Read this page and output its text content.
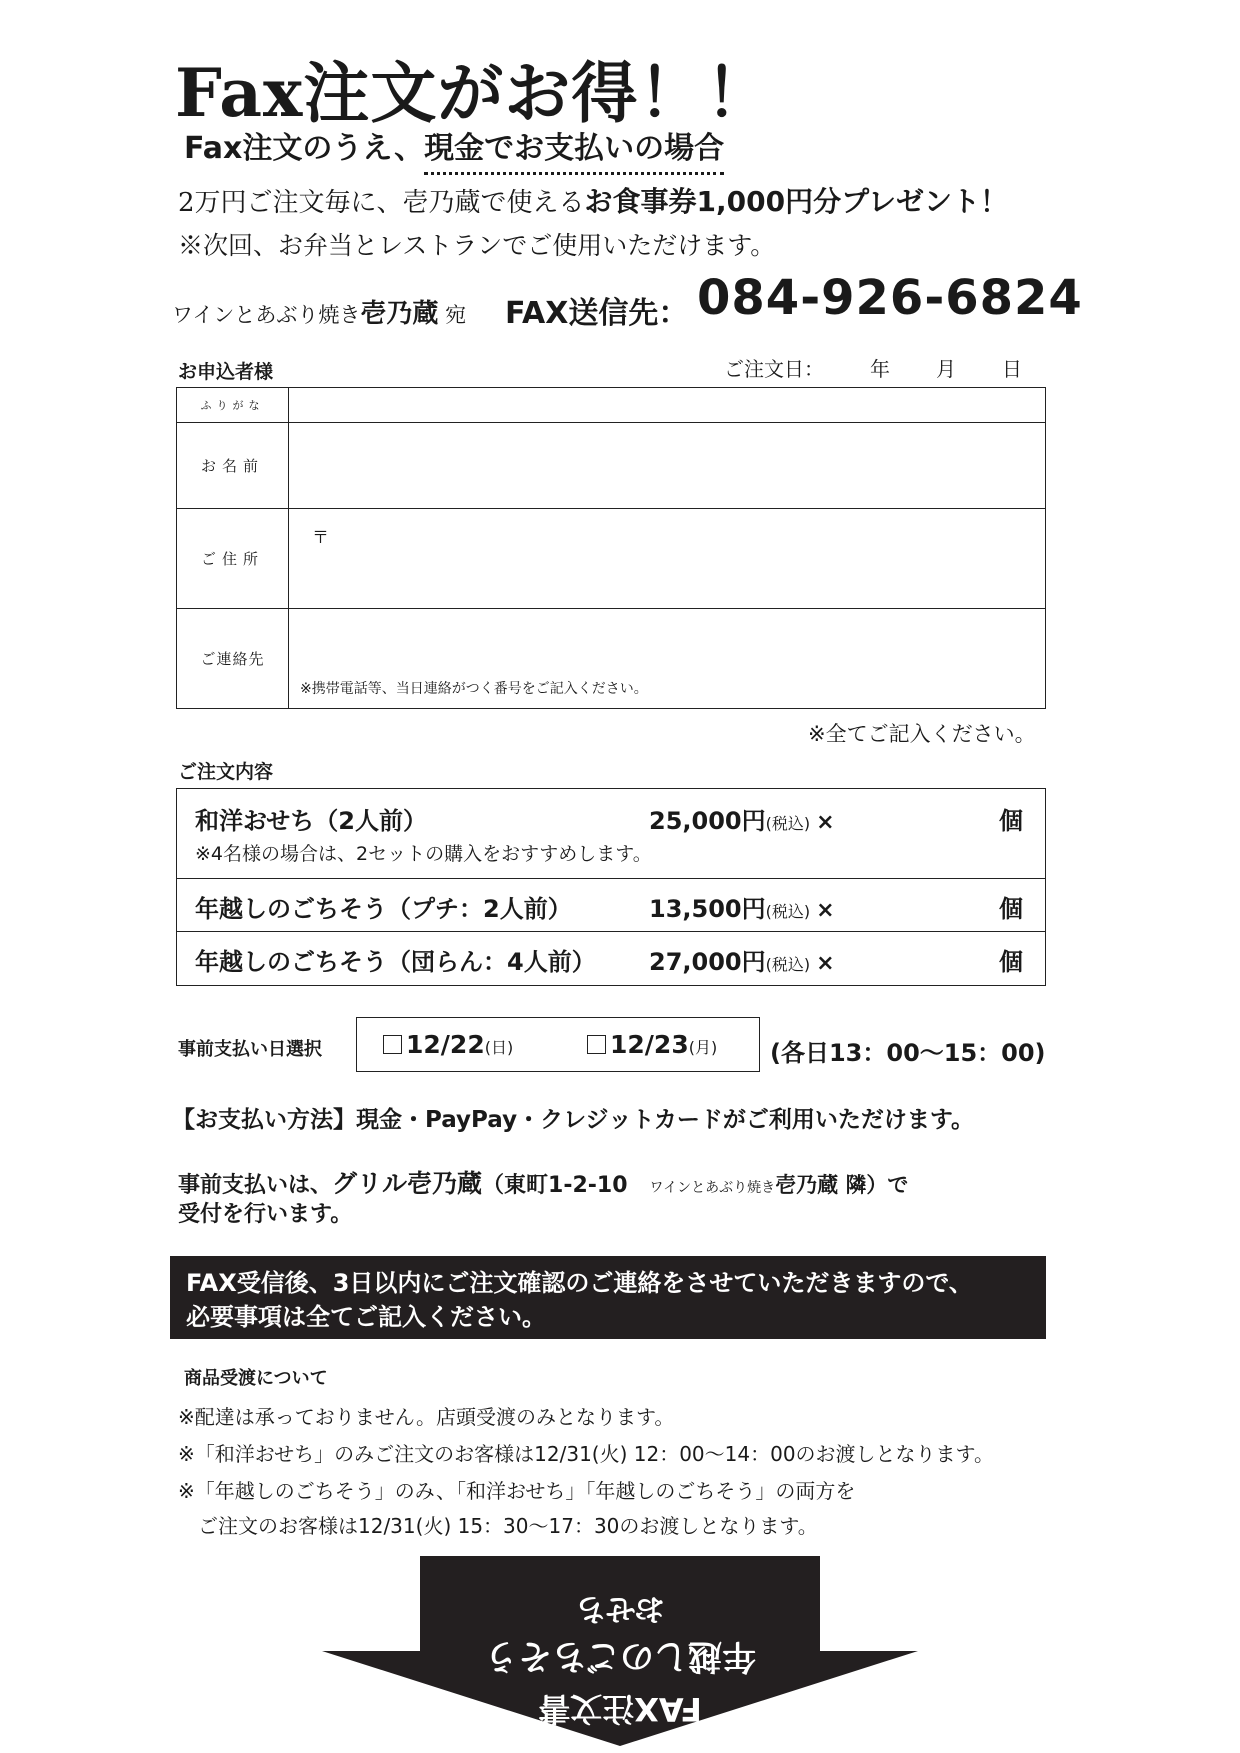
Fax注文がお得！！
Fax注文のうえ、現金でお支払いの場合
2万円ご注文毎に、壱乃蔵で使えるお食事券1,000円分プレゼント！
※次回、お弁当とレストランでご使用いただけます。
ワインとあぶり焼き壱乃蔵 宛 FAX送信先： 084-926-6824
お申込者様	ご注文日： 年 月 日
ふりがな
お名前
ご住所
〒
ご連絡先
※携帯電話等、当日連絡がつく番号をご記入ください。
※全てご記入ください。
ご注文内容
和洋おせち（2人前）	25,000円(税込) ×	個
※4名様の場合は、2セットの購入をおすすめします。
年越しのごちそう（プチ：2人前）	13,500円(税込) ×	個
年越しのごちそう（団らん：4人前） 27,000円(税込) ×	個
事前支払い日選択	12/22(日)	12/23(月) (各日13：00～15：00)
【お支払い方法】現金・PayPay・クレジットカードがご利用いただけます。
事前支払いは、グリル壱乃蔵（東町1-2-10 ワインとあぶり焼き壱乃蔵 隣）で
受付を行います。
FAX受信後、3日以内にご注文確認のご連絡をさせていただきますので、
必要事項は全てご記入ください。
商品受渡について
※配達は承っておりません。店頭受渡のみとなります。
※「和洋おせち」のみご注文のお客様は12/31(火) 12：00～14：00のお渡しとなります。
※「年越しのごちそう」のみ、「和洋おせち」「年越しのごちそう」の両方を
　ご注文のお客様は12/31(火) 15：30～17：30のお渡しとなります。
FAX注文書
年越しのごちそう
おせち
